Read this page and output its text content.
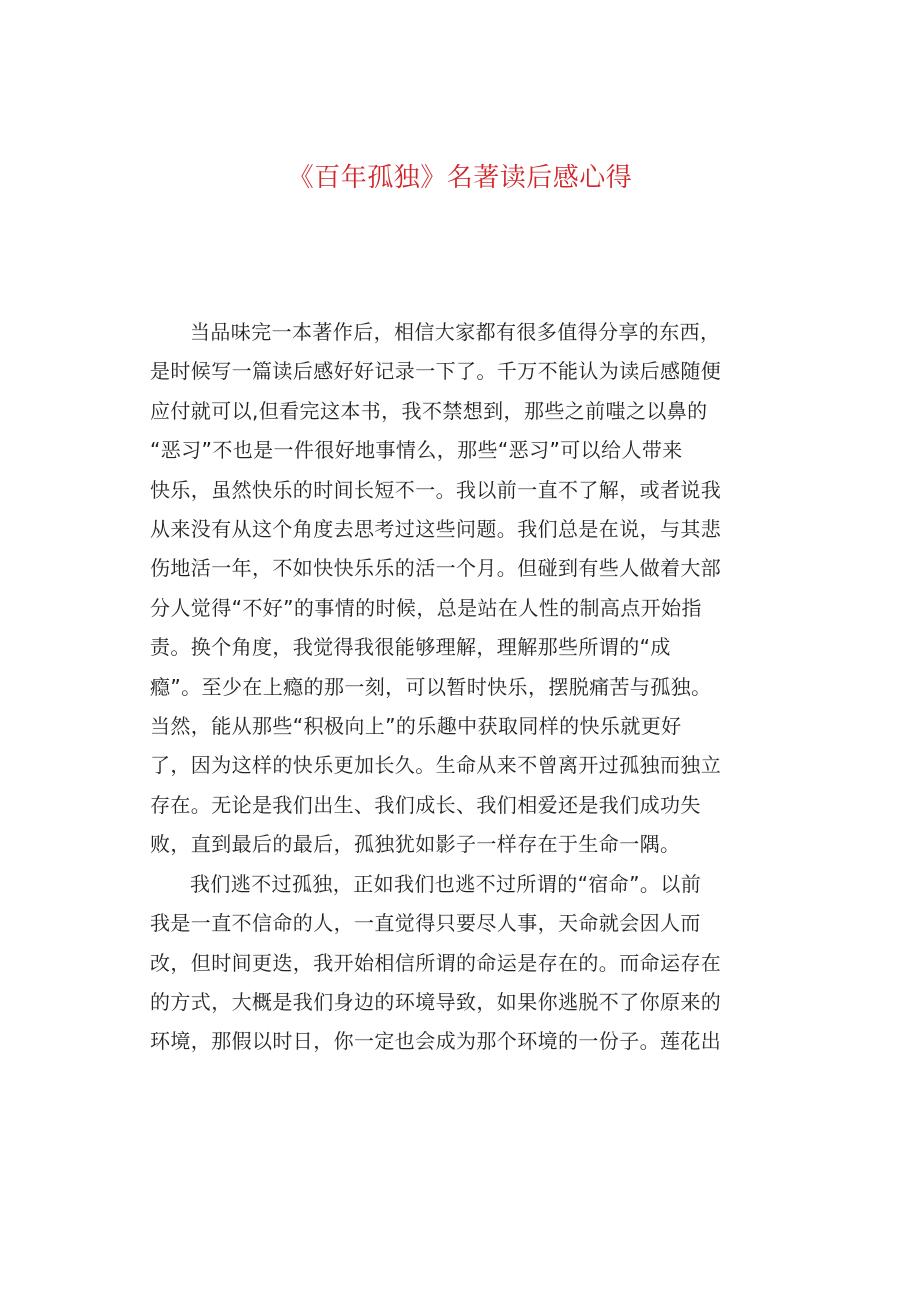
《百年孤独》名著读后感心得

当品味完一本著作后，相信大家都有很多值得分享的东西，
是时候写一篇读后感好好记录一下了。千万不能认为读后感随便
应付就可以,但看完这本书，我不禁想到，那些之前嗤之以鼻的
“恶习”不也是一件很好地事情么，那些“恶习”可以给人带来
快乐，虽然快乐的时间长短不一。我以前一直不了解，或者说我
从来没有从这个角度去思考过这些问题。我们总是在说，与其悲
伤地活一年，不如快快乐乐的活一个月。但碰到有些人做着大部
分人觉得“不好”的事情的时候，总是站在人性的制高点开始指
责。换个角度，我觉得我很能够理解，理解那些所谓的“成
瘾”。至少在上瘾的那一刻，可以暂时快乐，摆脱痛苦与孤独。
当然，能从那些“积极向上”的乐趣中获取同样的快乐就更好
了，因为这样的快乐更加长久。生命从来不曾离开过孤独而独立
存在。无论是我们出生、我们成长、我们相爱还是我们成功失
败，直到最后的最后，孤独犹如影子一样存在于生命一隅。

我们逃不过孤独，正如我们也逃不过所谓的“宿命”。以前
我是一直不信命的人，一直觉得只要尽人事，天命就会因人而
改，但时间更迭，我开始相信所谓的命运是存在的。而命运存在
的方式，大概是我们身边的环境导致，如果你逃脱不了你原来的
环境，那假以时日，你一定也会成为那个环境的一份子。莲花出
